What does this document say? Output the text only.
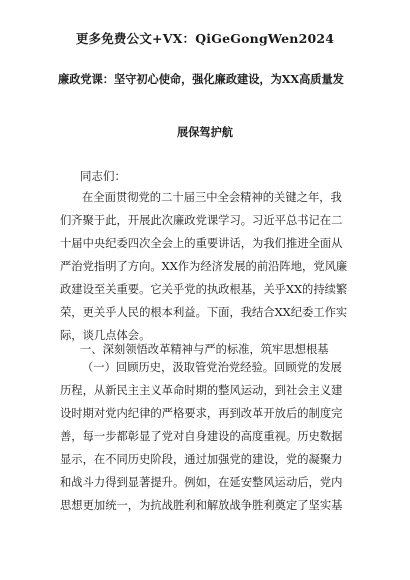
更多免费公文+VX：QiGeGongWen2024
廉政党课：坚守初心使命，强化廉政建设，为XX高质量发
展保驾护航
同志们：
在全面贯彻党的二十届三中全会精神的关键之年，我
们齐聚于此，开展此次廉政党课学习。习近平总书记在二
十届中央纪委四次全会上的重要讲话，为我们推进全面从
严治党指明了方向。XX作为经济发展的前沿阵地，党风廉
政建设至关重要。它关乎党的执政根基，关乎XX的持续繁
荣，更关乎人民的根本利益。下面，我结合XX纪委工作实
际，谈几点体会。
一、深刻领悟改革精神与严的标准，筑牢思想根基
（一）回顾历史，汲取管党治党经验。回顾党的发展
历程，从新民主主义革命时期的整风运动，到社会主义建
设时期对党内纪律的严格要求，再到改革开放后的制度完
善，每一步都彰显了党对自身建设的高度重视。历史数据
显示，在不同历史阶段，通过加强党的建设，党的凝聚力
和战斗力得到显著提升。例如，在延安整风运动后，党内
思想更加统一，为抗战胜利和解放战争胜利奠定了坚实基
